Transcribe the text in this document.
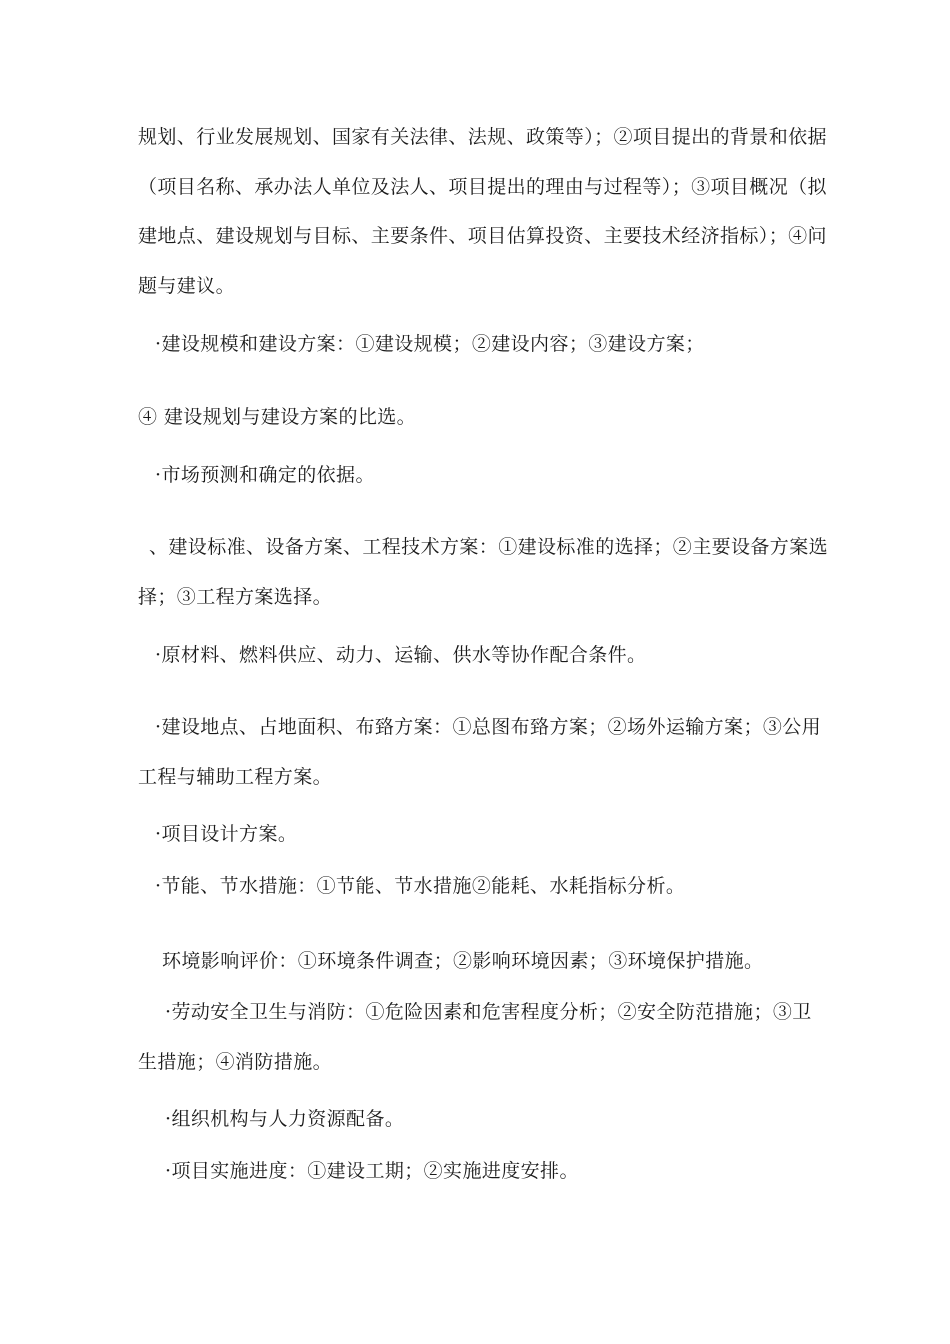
规划、行业发展规划、国家有关法律、法规、政策等）；②项目提出的背景和依据（项目名称、承办法人单位及法人、项目提出的理由与过程等）；③项目概况（拟建地点、建设规划与目标、主要条件、项目估算投资、主要技术经济指标）；④问题与建议。

·建设规模和建设方案：①建设规模；②建设内容；③建设方案；

④ 建设规划与建设方案的比选。

·市场预测和确定的依据。

、建设标准、设备方案、工程技术方案：①建设标准的选择；②主要设备方案选择；③工程方案选择。

·原材料、燃料供应、动力、运输、供水等协作配合条件。

·建设地点、占地面积、布臵方案：①总图布臵方案；②场外运输方案；③公用工程与辅助工程方案。

·项目设计方案。

·节能、节水措施：①节能、节水措施②能耗、水耗指标分析。

环境影响评价：①环境条件调查；②影响环境因素；③环境保护措施。

·劳动安全卫生与消防：①危险因素和危害程度分析；②安全防范措施；③卫生措施；④消防措施。

·组织机构与人力资源配备。

·项目实施进度：①建设工期；②实施进度安排。
